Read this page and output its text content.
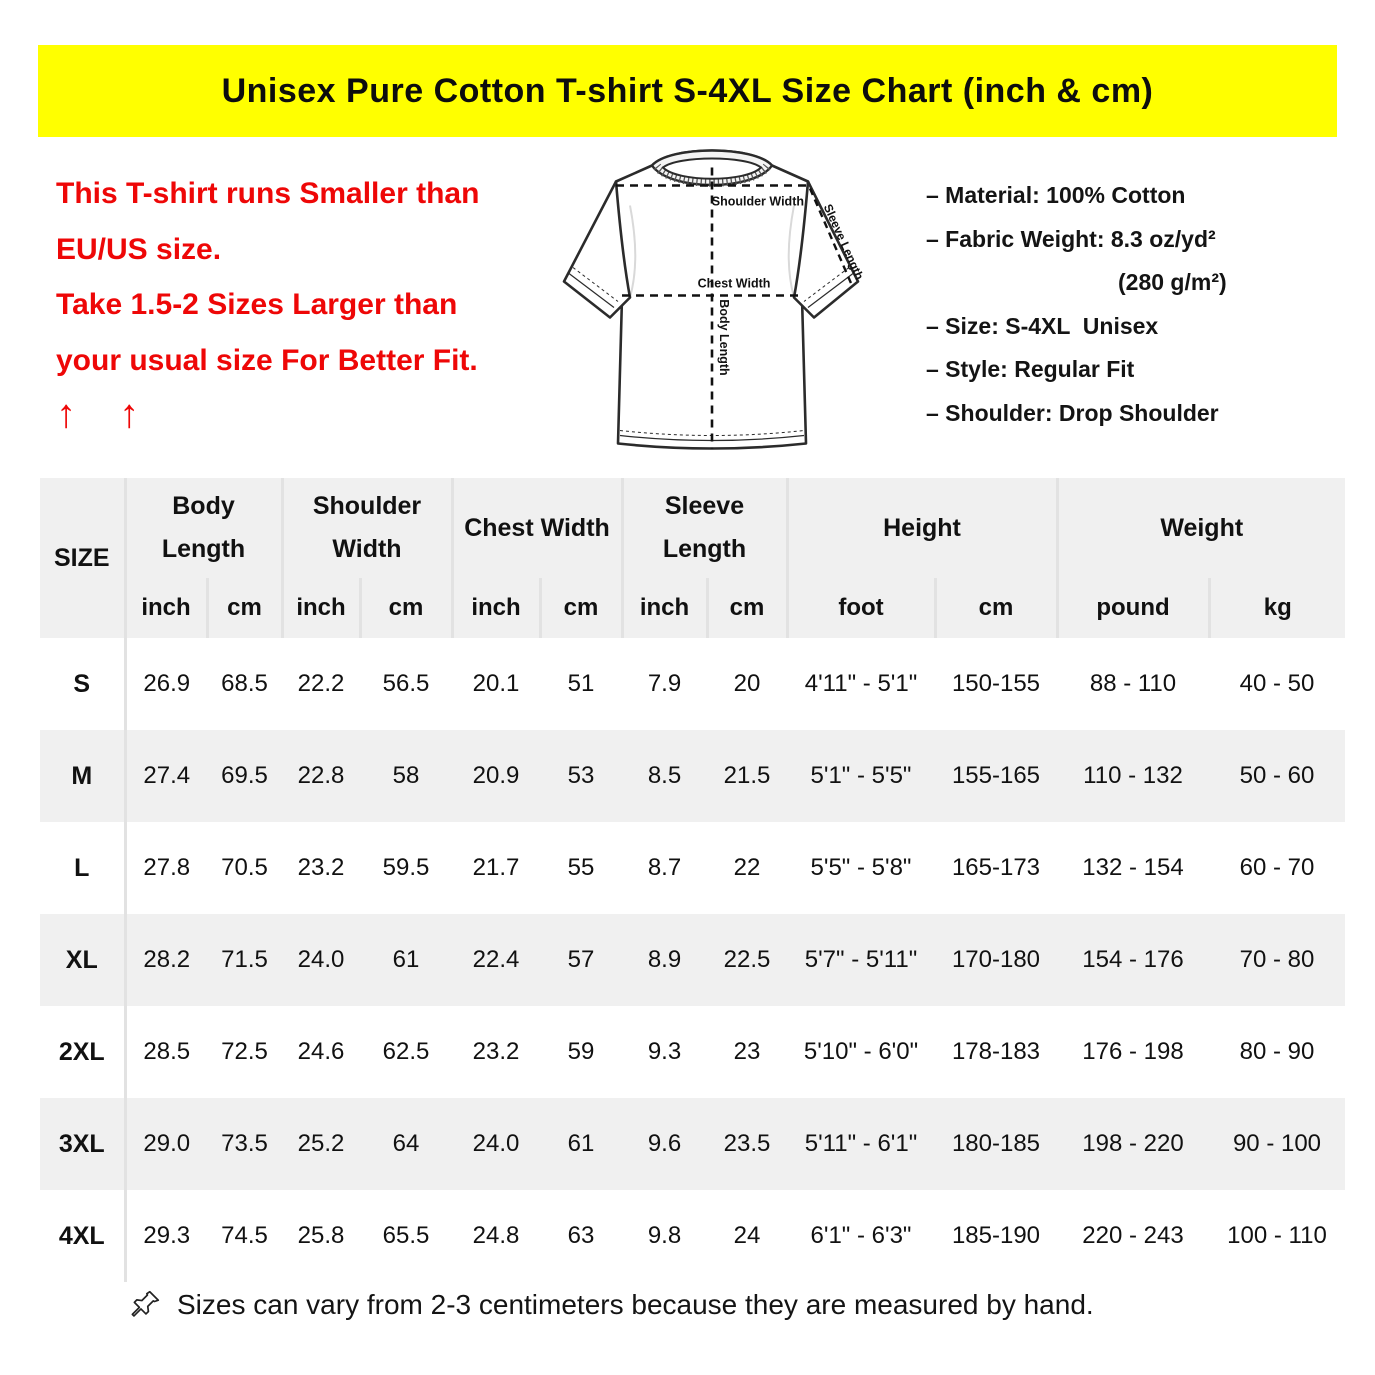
Unisex Pure Cotton T-shirt S-4XL Size Chart (inch & cm)
This T-shirt runs Smaller than
EU/US size.
Take 1.5-2 Sizes Larger than
your usual size For Better Fit.
↑ ↑
Shoulder Width
Chest Width
Body Length
Sleeve Length
– Material: 100% Cotton
– Fabric Weight: 8.3 oz/yd²
(280 g/m²)
– Size: S-4XL  Unisex
– Style: Regular Fit
– Shoulder: Drop Shoulder
SIZE	Body Length		Shoulder Width		Chest Width		Sleeve Length		Height		Weight	

	inch	cm	inch	cm	inch	cm	inch	cm	foot	cm	pound	kg
S	26.9	68.5	22.2	56.5	20.1	51	7.9	20	4'11" - 5'1"	150-155	88 - 110	40 - 50
M	27.4	69.5	22.8	58	20.9	53	8.5	21.5	5'1" - 5'5"	155-165	110 - 132	50 - 60
L	27.8	70.5	23.2	59.5	21.7	55	8.7	22	5'5" - 5'8"	165-173	132 - 154	60 - 70
XL	28.2	71.5	24.0	61	22.4	57	8.9	22.5	5'7" - 5'11"	170-180	154 - 176	70 - 80
2XL	28.5	72.5	24.6	62.5	23.2	59	9.3	23	5'10" - 6'0"	178-183	176 - 198	80 - 90
3XL	29.0	73.5	25.2	64	24.0	61	9.6	23.5	5'11" - 6'1"	180-185	198 - 220	90 - 100
4XL	29.3	74.5	25.8	65.5	24.8	63	9.8	24	6'1" - 6'3"	185-190	220 - 243	100 - 110
Sizes can vary from 2-3 centimeters because they are measured by hand.
